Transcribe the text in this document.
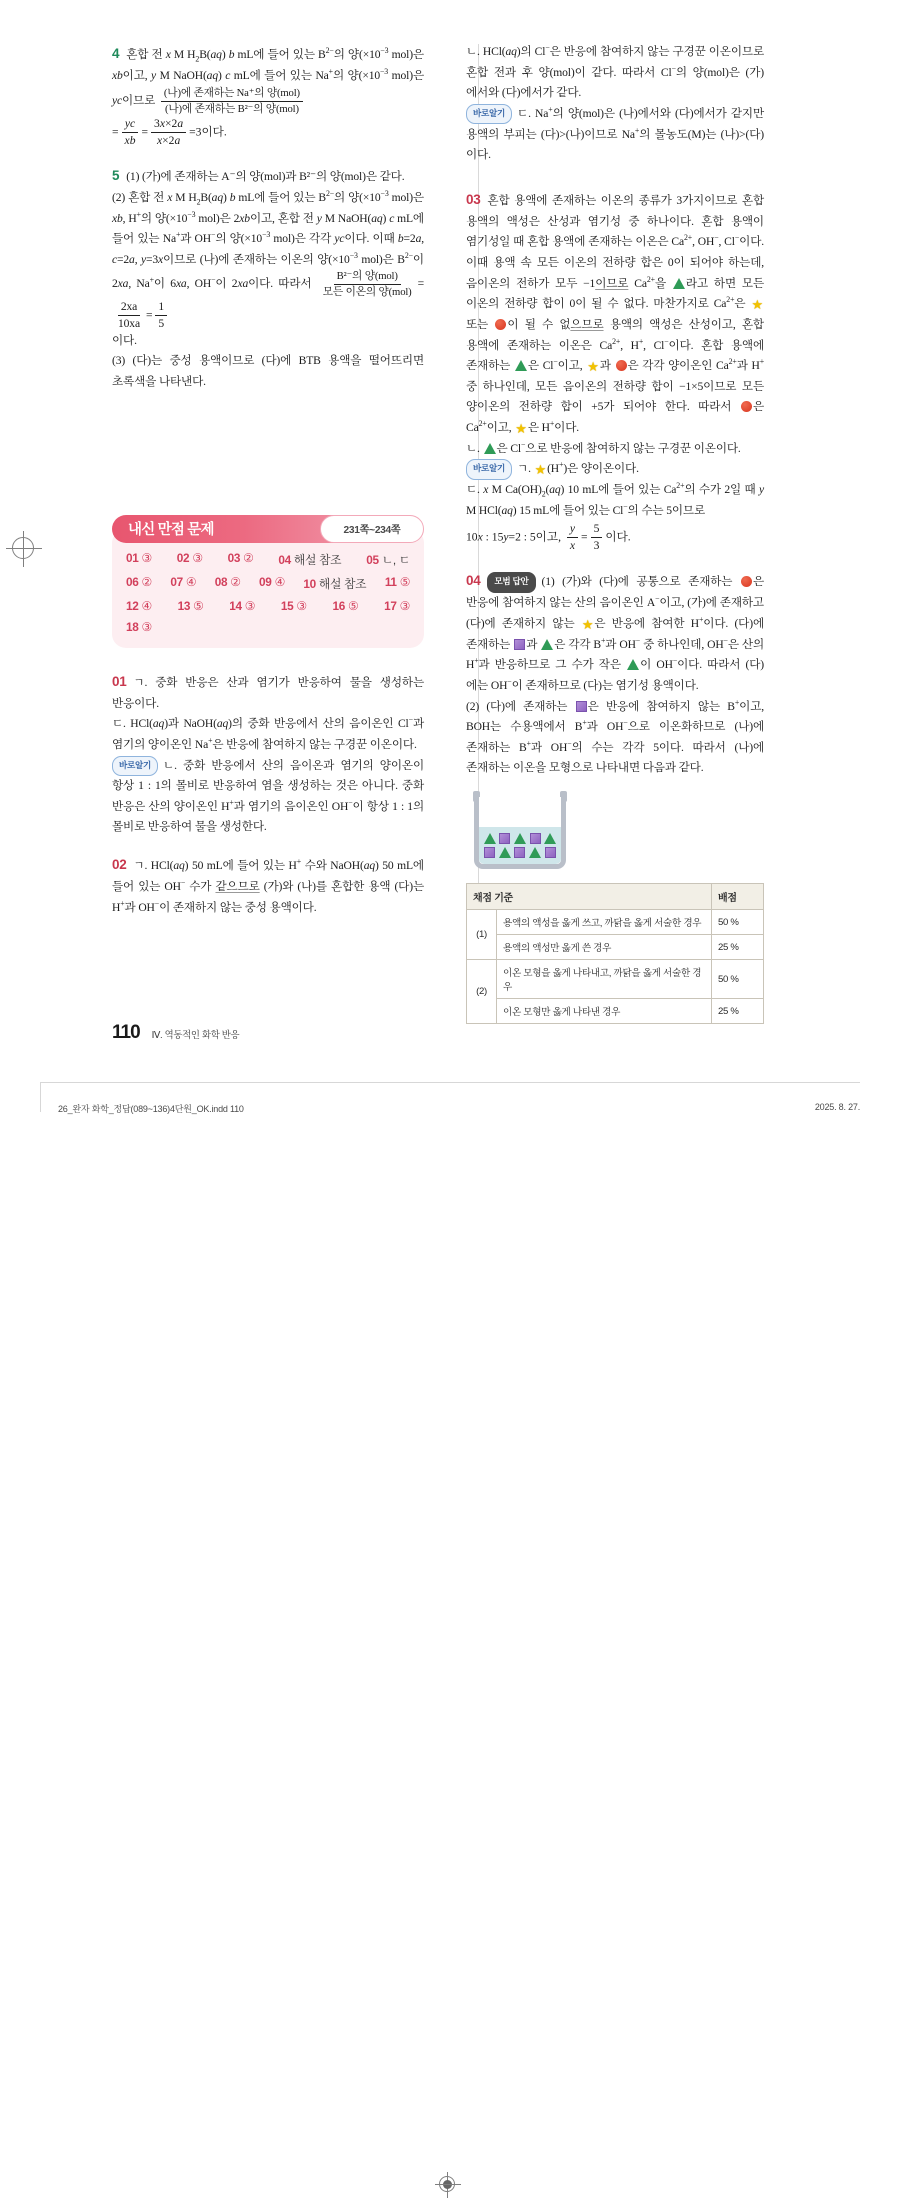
4 혼합 전 x M $H_2B(aq)$ b mL에 들어 있는 $B^{2-}$의 양($\times 10^{-3}$ mol)은 xb이고, y M NaOH(aq) c mL에 들어 있는 Na+의 양($\times 10^{-3}$ mol)은 yc이므로 $\frac{\text{(나)에 존재하는 Na⁺의 양(mol)}}{\text{(나)에 존재하는 B²⁻의 양(mol)}}$

= $\frac{yc}{xb} = \frac{3x\times 2a}{x\times 2a} =3$이다.

5 (1) (가)에 존재하는 A⁻의 양(mol)과 B²⁻의 양(mol)은 같다.

(2) 혼합 전 x M $H_2B(aq)$ b mL에 들어 있는 $B^{2-}$의 양($\times 10^{-3}$ mol)은 xb, H+의 양($\times 10^{-3}$ mol)은 2xb이고, 혼합 전 y M NaOH(aq) c mL에 들어 있는 Na+과 OH−의 양($\times 10^{-3}$ mol)은 각각 yc이다. 이때 b=2a, c=2a, y=3x이므로 (나)에 존재하는 이온의 양($\times 10^{-3}$ mol)은 $B^{2-}$이 2xa, Na+이 6xa, OH−이 2xa이다. 따라서 $\frac{\text{B²⁻의 양(mol)}}{\text{모든 이온의 양(mol)}}$ =
$\frac{2xa}{10xa} = \frac{1}{5}$

이다.

(3) (다)는 중성 용액이므로 (다)에 BTB 용액을 떨어뜨리면 초록색을 나타낸다.

내신 만점 문제	231쪽~234쪽
01 ③ 02 ③ 03 ② 04 해설 참조 05 ㄴ, ㄷ
06 ② 07 ④ 08 ② 09 ④ 10 해설 참조 11 ⑤
12 ④ 13 ⑤ 14 ③ 15 ③ 16 ⑤ 17 ③
18 ③

01 ㄱ. 중화 반응은 산과 염기가 반응하여 물을 생성하는 반응이다.

ㄷ. HCl(aq)과 NaOH(aq)의 중화 반응에서 산의 음이온인 Cl−과 염기의 양이온인 Na+은 반응에 참여하지 않는 구경꾼 이온이다.

바로알기 ㄴ. 중화 반응에서 산의 음이온과 염기의 양이온이 항상 1 : 1의 몰비로 반응하여 염을 생성하는 것은 아니다. 중화 반응은 산의 양이온인 H+과 염기의 음이온인 OH−이 항상 1 : 1의 몰비로 반응하여 물을 생성한다.

02 ㄱ. HCl(aq) 50 mL에 들어 있는 H+ 수와 NaOH(aq) 50 mL에 들어 있는 OH− 수가 같으므로 (가)와 (나)를 혼합한 용액 (다)는 H+과 OH−이 존재하지 않는 중성 용액이다.

ㄴ. HCl(aq)의 Cl−은 반응에 참여하지 않는 구경꾼 이온이므로 혼합 전과 후 양(mol)이 같다. 따라서 Cl−의 양(mol)은 (가)에서와 (다)에서가 같다.

바로알기 ㄷ. Na+의 양(mol)은 (나)에서와 (다)에서가 같지만 용액의 부피는 (다)>(나)이므로 Na+의 몰농도(M)는 (나)>(다)이다.

03 혼합 용액에 존재하는 이온의 종류가 3가지이므로 혼합 용액의 액성은 산성과 염기성 중 하나이다. 혼합 용액이 염기성일 때 혼합 용액에 존재하는 이온은 $Ca^{2+}$, OH−, Cl−이다. 이때 용액 속 모든 이온의 전하량 합은 0이 되어야 하는데, 음이온의 전하가 모두 −1이므로 $Ca^{2+}$을 라고 하면 모든 이온의 전하량 합이 0이 될 수 없다. 마찬가지로 $Ca^{2+}$은 ★ 또는 이 될 수 없으므로 용액의 액성은 산성이고, 혼합 용액에 존재하는 이온은 $Ca^{2+}$, H+, Cl−이다. 혼합 용액에 존재하는 은 Cl−이고, ★과 은 각각 양이온인 $Ca^{2+}$과 H+ 중 하나인데, 모든 음이온의 전하량 합이 −1×5이므로 모든 양이온의 전하량 합이 +5가 되어야 한다. 따라서 은 $Ca^{2+}$이고, ★은 H+이다.

ㄴ. 은 Cl−으로 반응에 참여하지 않는 구경꾼 이온이다.

바로알기 ㄱ. ★(H+)은 양이온이다.

ㄷ. x M $Ca(OH)_2(aq)$ 10 mL에 들어 있는 $Ca^{2+}$의 수가 2일 때 y M HCl(aq) 15 mL에 들어 있는 Cl−의 수는 5이므로

10x : 15y=2 : 5이고, $\frac{y}{x} = \frac{5}{3}$ 이다.

04 모범 답안 (1) (가)와 (다)에 공통으로 존재하는 은 반응에 참여하지 않는 산의 음이온인 A−이고, (가)에 존재하고 (다)에 존재하지 않는 ★은 반응에 참여한 H+이다. (다)에 존재하는 과 은 각각 B+과 OH− 중 하나인데, OH−은 산의 H+과 반응하므로 그 수가 작은 이 OH−이다. 따라서 (다)에는 OH−이 존재하므로 (다)는 염기성 용액이다.

(2) (다)에 존재하는 은 반응에 참여하지 않는 B+이고, BOH는 수용액에서 B+과 OH−으로 이온화하므로 (나)에 존재하는 B+과 OH−의 수는 각각 5이다. 따라서 (나)에 존재하는 이온을 모형으로 나타내면 다음과 같다.

채점 기준		배점
(1)	용액의 액성을 옳게 쓰고, 까닭을 옳게 서술한 경우	50 %
	용액의 액성만 옳게 쓴 경우	25 %
(2)	이온 모형을 옳게 나타내고, 까닭을 옳게 서술한 경우	50 %
	이온 모형만 옳게 나타낸 경우	25 %
110 Ⅳ. 역동적인 화학 반응
26_완자 화학_정답(089~136)4단원_OK.indd 110	2025. 8. 27.
